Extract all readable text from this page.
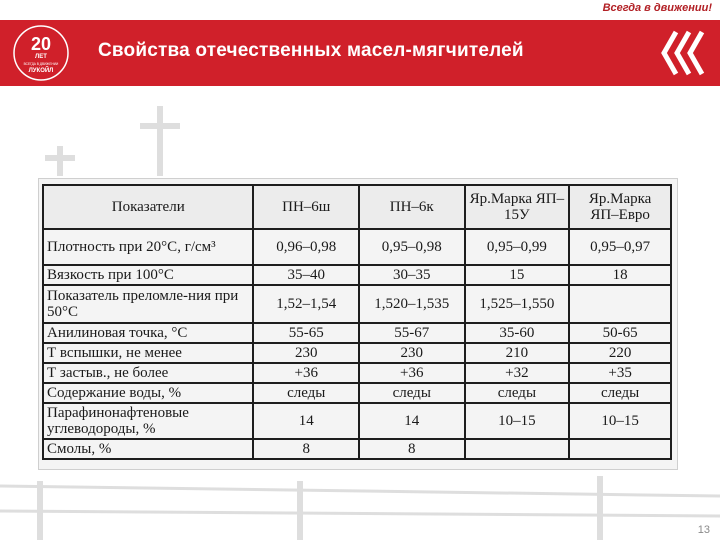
Всегда в движении!
20
ЛЕТ
ВСЕГДА В ДВИЖЕНИИ
ЛУКОЙЛ
Свойства отечественных масел-мягчителей
Показатели	ПН–6ш	ПН–6к	Яр.Марка ЯП–15У	Яр.Марка ЯП–Евро
Плотность при 20°С, г/см³	0,96–0,98	0,95–0,98	0,95–0,99	0,95–0,97
Вязкость при 100°С	35–40	30–35	15	18
Показатель преломле-ния при 50°С	1,52–1,54	1,520–1,535	1,525–1,550	
Анилиновая точка, °С	55-65	55-67	35-60	50-65
Т вспышки, не менее	230	230	210	220
Т застыв., не более	+36	+36	+32	+35
Содержание воды, %	следы	следы	следы	следы
Парафинонафтеновые углеводороды, %	14	14	10–15	10–15
Смолы, %	8	8		
13
